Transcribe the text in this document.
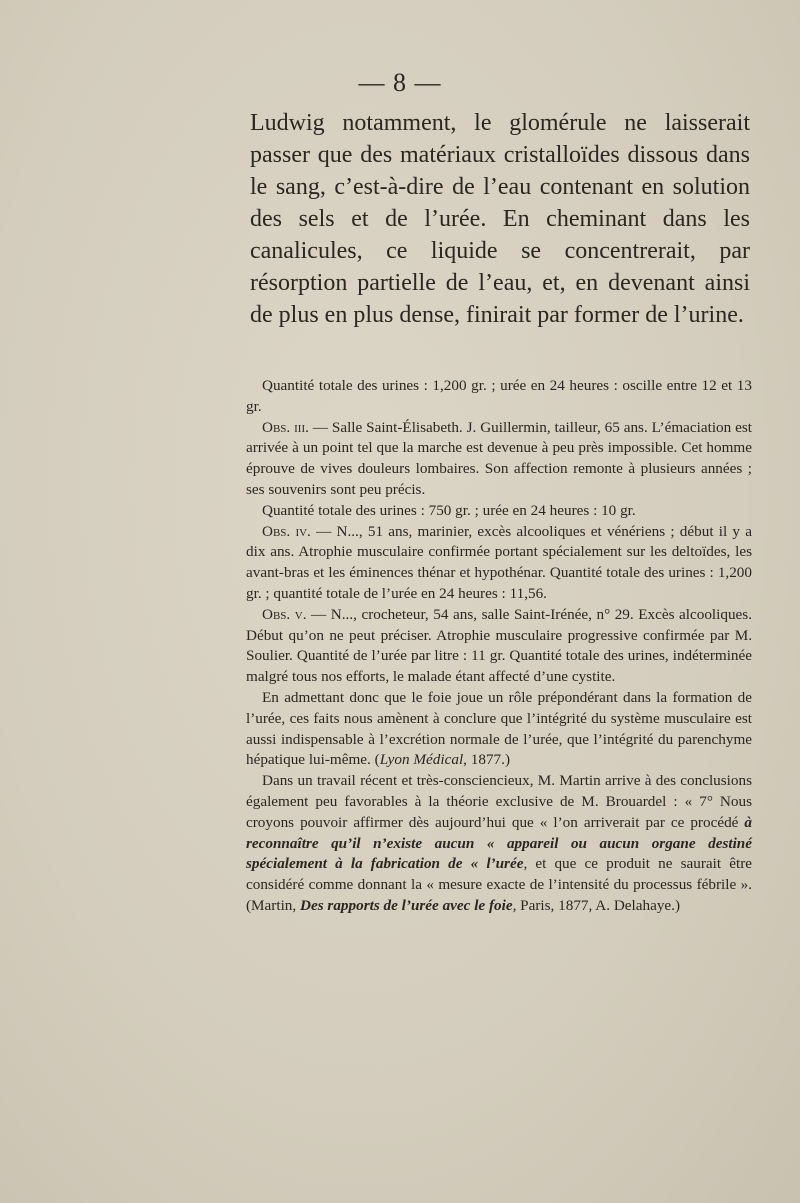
— 8 —

Ludwig notamment, le glomérule ne laisserait passer que des matériaux cristalloïdes dissous dans le sang, c’est-à-dire de l’eau contenant en solution des sels et de l’urée. En cheminant dans les canalicules, ce liquide se concentrerait, par résorption partielle de l’eau, et, en devenant ainsi de plus en plus dense, finirait par former de l’urine.

Quantité totale des urines : 1,200 gr. ; urée en 24 heures : oscille entre 12 et 13 gr.

Obs. iii. — Salle Saint-Élisabeth. J. Guillermin, tailleur, 65 ans. L’émaciation est arrivée à un point tel que la marche est devenue à peu près impossible. Cet homme éprouve de vives douleurs lombaires. Son affection remonte à plusieurs années ; ses souvenirs sont peu précis.

Quantité totale des urines : 750 gr. ; urée en 24 heures : 10 gr.

Obs. iv. — N..., 51 ans, marinier, excès alcooliques et vénériens ; début il y a dix ans. Atrophie musculaire confirmée portant spécialement sur les deltoïdes, les avant-bras et les éminences thénar et hypothénar. Quantité totale des urines : 1,200 gr. ; quantité totale de l’urée en 24 heures : 11,56.

Obs. v. — N..., crocheteur, 54 ans, salle Saint-Irénée, n° 29. Excès alcooliques. Début qu’on ne peut préciser. Atrophie musculaire progressive confirmée par M. Soulier. Quantité de l’urée par litre : 11 gr. Quantité totale des urines, indéterminée malgré tous nos efforts, le malade étant affecté d’une cystite.

En admettant donc que le foie joue un rôle prépondérant dans la formation de l’urée, ces faits nous amènent à conclure que l’intégrité du système musculaire est aussi indispensable à l’excrétion normale de l’urée, que l’intégrité du parenchyme hépatique lui-même. (Lyon Médical, 1877.)

Dans un travail récent et très-consciencieux, M. Martin arrive à des conclusions également peu favorables à la théorie exclusive de M. Brouardel : « 7° Nous croyons pouvoir affirmer dès aujourd’hui que « l’on arriverait par ce procédé à reconnaître qu’il n’existe aucun « appareil ou aucun organe destiné spécialement à la fabrication de « l’urée, et que ce produit ne saurait être considéré comme donnant la « mesure exacte de l’intensité du processus fébrile ». (Martin, Des rapports de l’urée avec le foie, Paris, 1877, A. Delahaye.)
